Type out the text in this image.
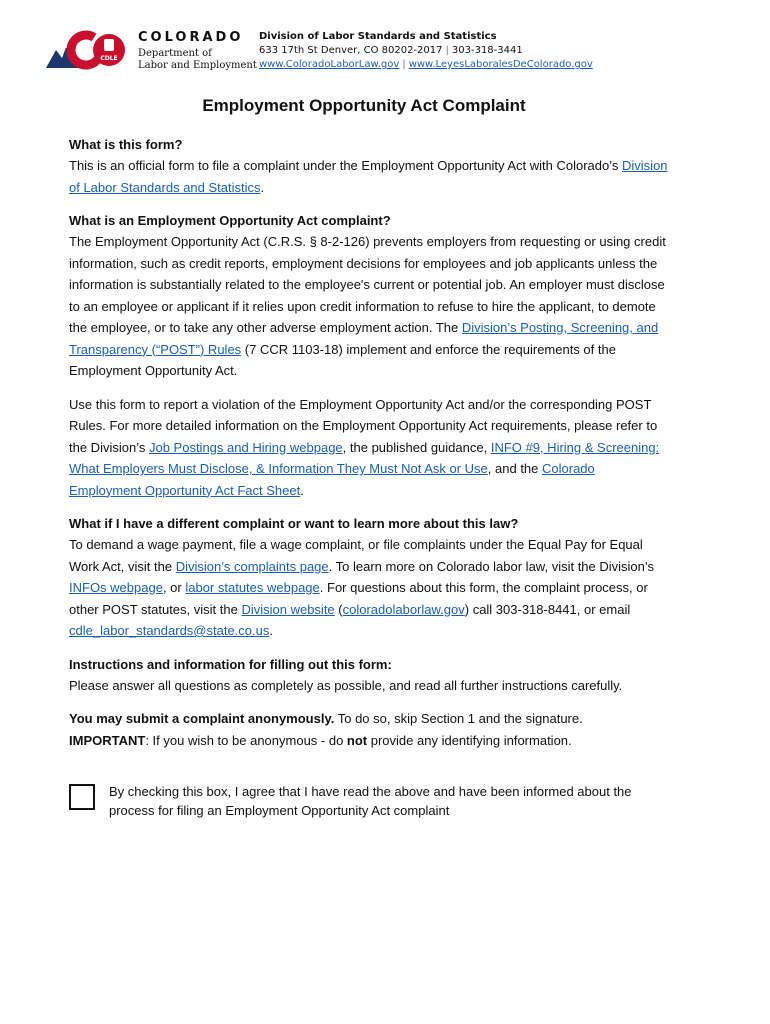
CDLE
COLORADO
Department of
Labor and Employment
Division of Labor Standards and Statistics
633 17th St Denver, CO 80202-2017 | 303-318-3441
www.ColoradoLaborLaw.gov | www.LeyesLaboralesDeColorado.gov
Employment Opportunity Act Complaint
What is this form?

This is an official form to file a complaint under the Employment Opportunity Act with Colorado’s Division of Labor Standards and Statistics.

What is an Employment Opportunity Act complaint?

The Employment Opportunity Act (C.R.S. § 8-2-126) prevents employers from requesting or using credit information, such as credit reports, employment decisions for employees and job applicants unless the information is substantially related to the employee's current or potential job. An employer must disclose to an employee or applicant if it relies upon credit information to refuse to hire the applicant, to demote the employee, or to take any other adverse employment action. The Division’s Posting, Screening, and Transparency (“POST”) Rules (7 CCR 1103-18) implement and enforce the requirements of the Employment Opportunity Act.

Use this form to report a violation of the Employment Opportunity Act and/or the corresponding POST Rules. For more detailed information on the Employment Opportunity Act requirements, please refer to the Division’s Job Postings and Hiring webpage, the published guidance, INFO #9, Hiring & Screening: What Employers Must Disclose, & Information They Must Not Ask or Use, and the Colorado Employment Opportunity Act Fact Sheet.

What if I have a different complaint or want to learn more about this law?

To demand a wage payment, file a wage complaint, or file complaints under the Equal Pay for Equal Work Act, visit the Division’s complaints page. To learn more on Colorado labor law, visit the Division’s INFOs webpage, or labor statutes webpage. For questions about this form, the complaint process, or other POST statutes, visit the Division website (coloradolaborlaw.gov) call 303-318-8441, or email cdle_labor_standards@state.co.us.

Instructions and information for filling out this form:

Please answer all questions as completely as possible, and read all further instructions carefully.

You may submit a complaint anonymously. To do so, skip Section 1 and the signature.

IMPORTANT: If you wish to be anonymous - do not provide any identifying information.

By checking this box, I agree that I have read the above and have been informed about the process for filing an Employment Opportunity Act complaint
